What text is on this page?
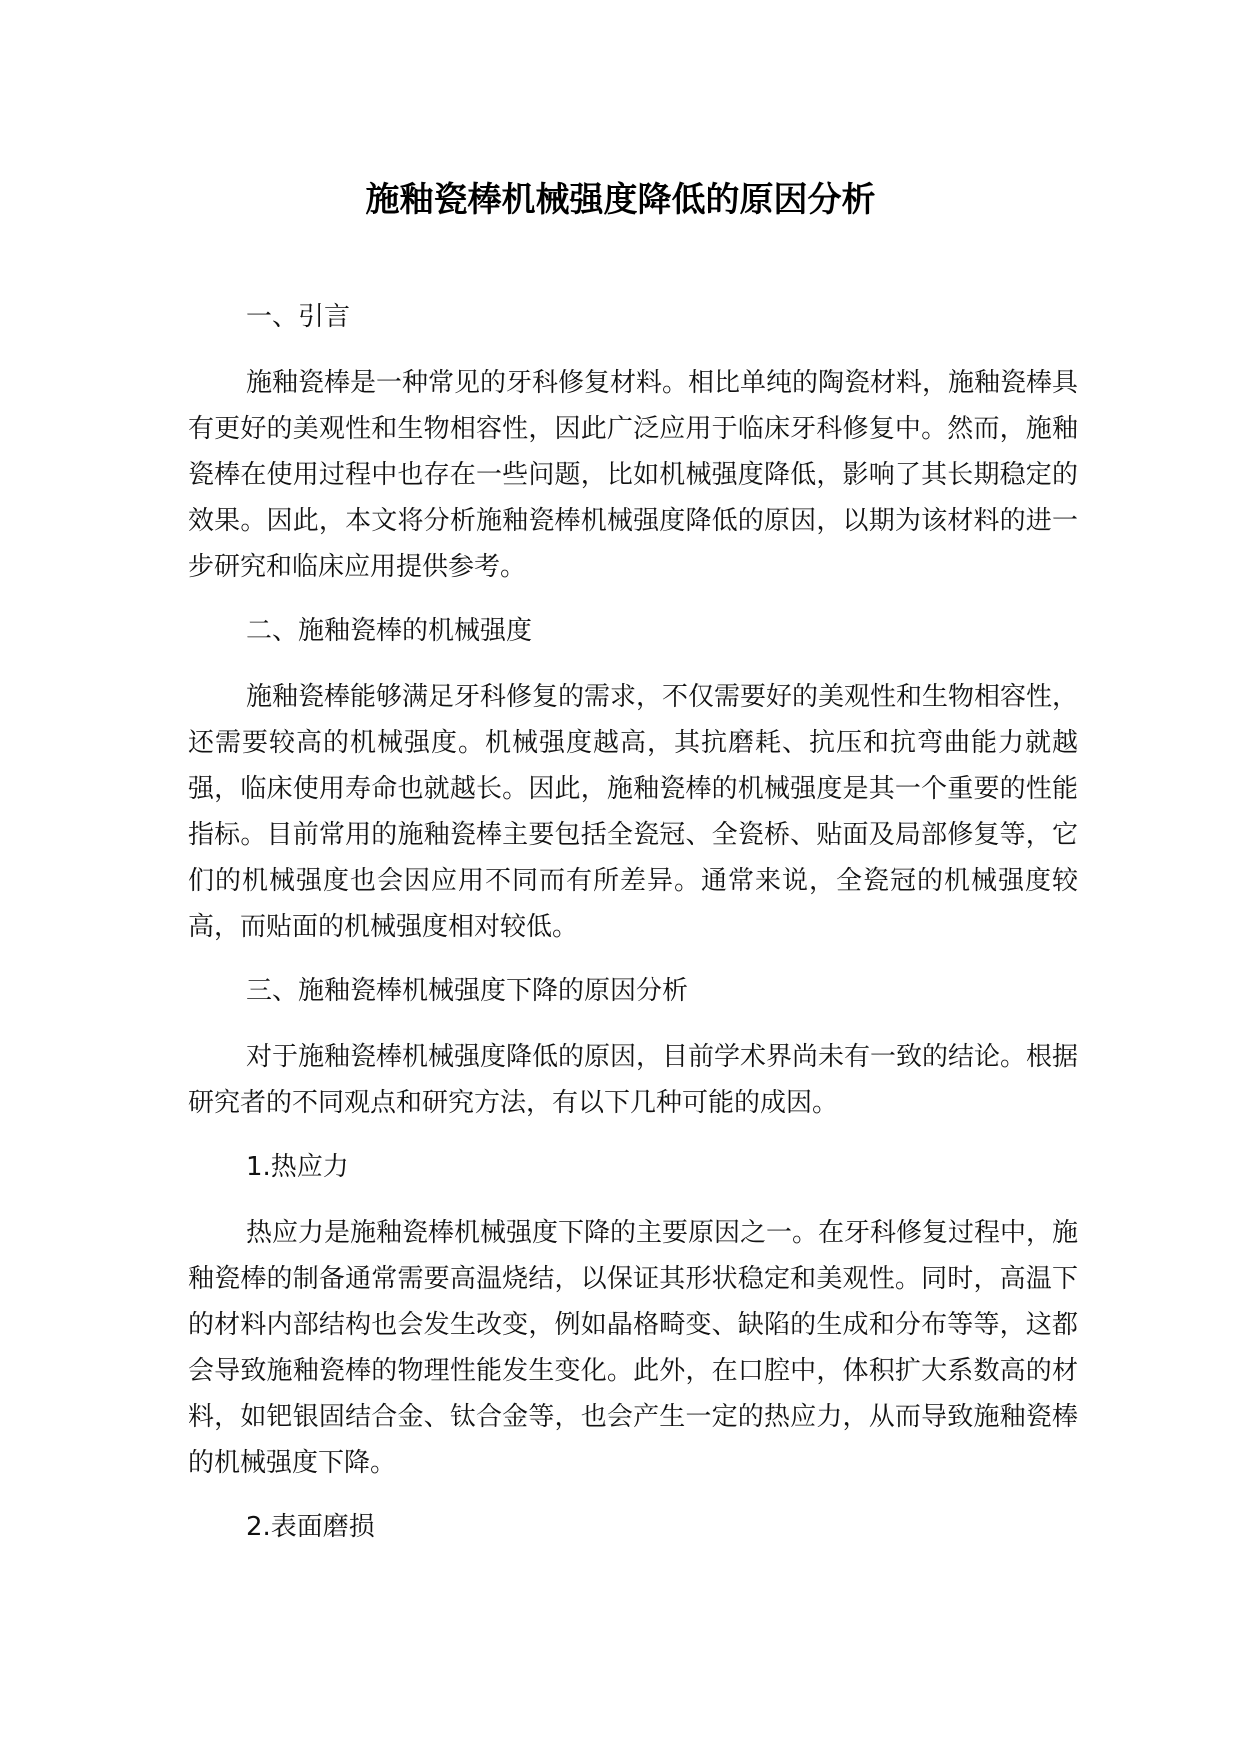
施釉瓷棒机械强度降低的原因分析

一、引言

施釉瓷棒是一种常见的牙科修复材料。相比单纯的陶瓷材料，施釉瓷棒具有更好的美观性和生物相容性，因此广泛应用于临床牙科修复中。然而，施釉瓷棒在使用过程中也存在一些问题，比如机械强度降低，影响了其长期稳定的效果。因此，本文将分析施釉瓷棒机械强度降低的原因，以期为该材料的进一步研究和临床应用提供参考。

二、施釉瓷棒的机械强度

施釉瓷棒能够满足牙科修复的需求，不仅需要好的美观性和生物相容性，还需要较高的机械强度。机械强度越高，其抗磨耗、抗压和抗弯曲能力就越强，临床使用寿命也就越长。因此，施釉瓷棒的机械强度是其一个重要的性能指标。目前常用的施釉瓷棒主要包括全瓷冠、全瓷桥、贴面及局部修复等，它们的机械强度也会因应用不同而有所差异。通常来说，全瓷冠的机械强度较高，而贴面的机械强度相对较低。

三、施釉瓷棒机械强度下降的原因分析

对于施釉瓷棒机械强度降低的原因，目前学术界尚未有一致的结论。根据研究者的不同观点和研究方法，有以下几种可能的成因。

1.热应力

热应力是施釉瓷棒机械强度下降的主要原因之一。在牙科修复过程中，施釉瓷棒的制备通常需要高温烧结，以保证其形状稳定和美观性。同时，高温下的材料内部结构也会发生改变，例如晶格畸变、缺陷的生成和分布等等，这都会导致施釉瓷棒的物理性能发生变化。此外，在口腔中，体积扩大系数高的材料，如钯银固结合金、钛合金等，也会产生一定的热应力，从而导致施釉瓷棒的机械强度下降。

2.表面磨损
